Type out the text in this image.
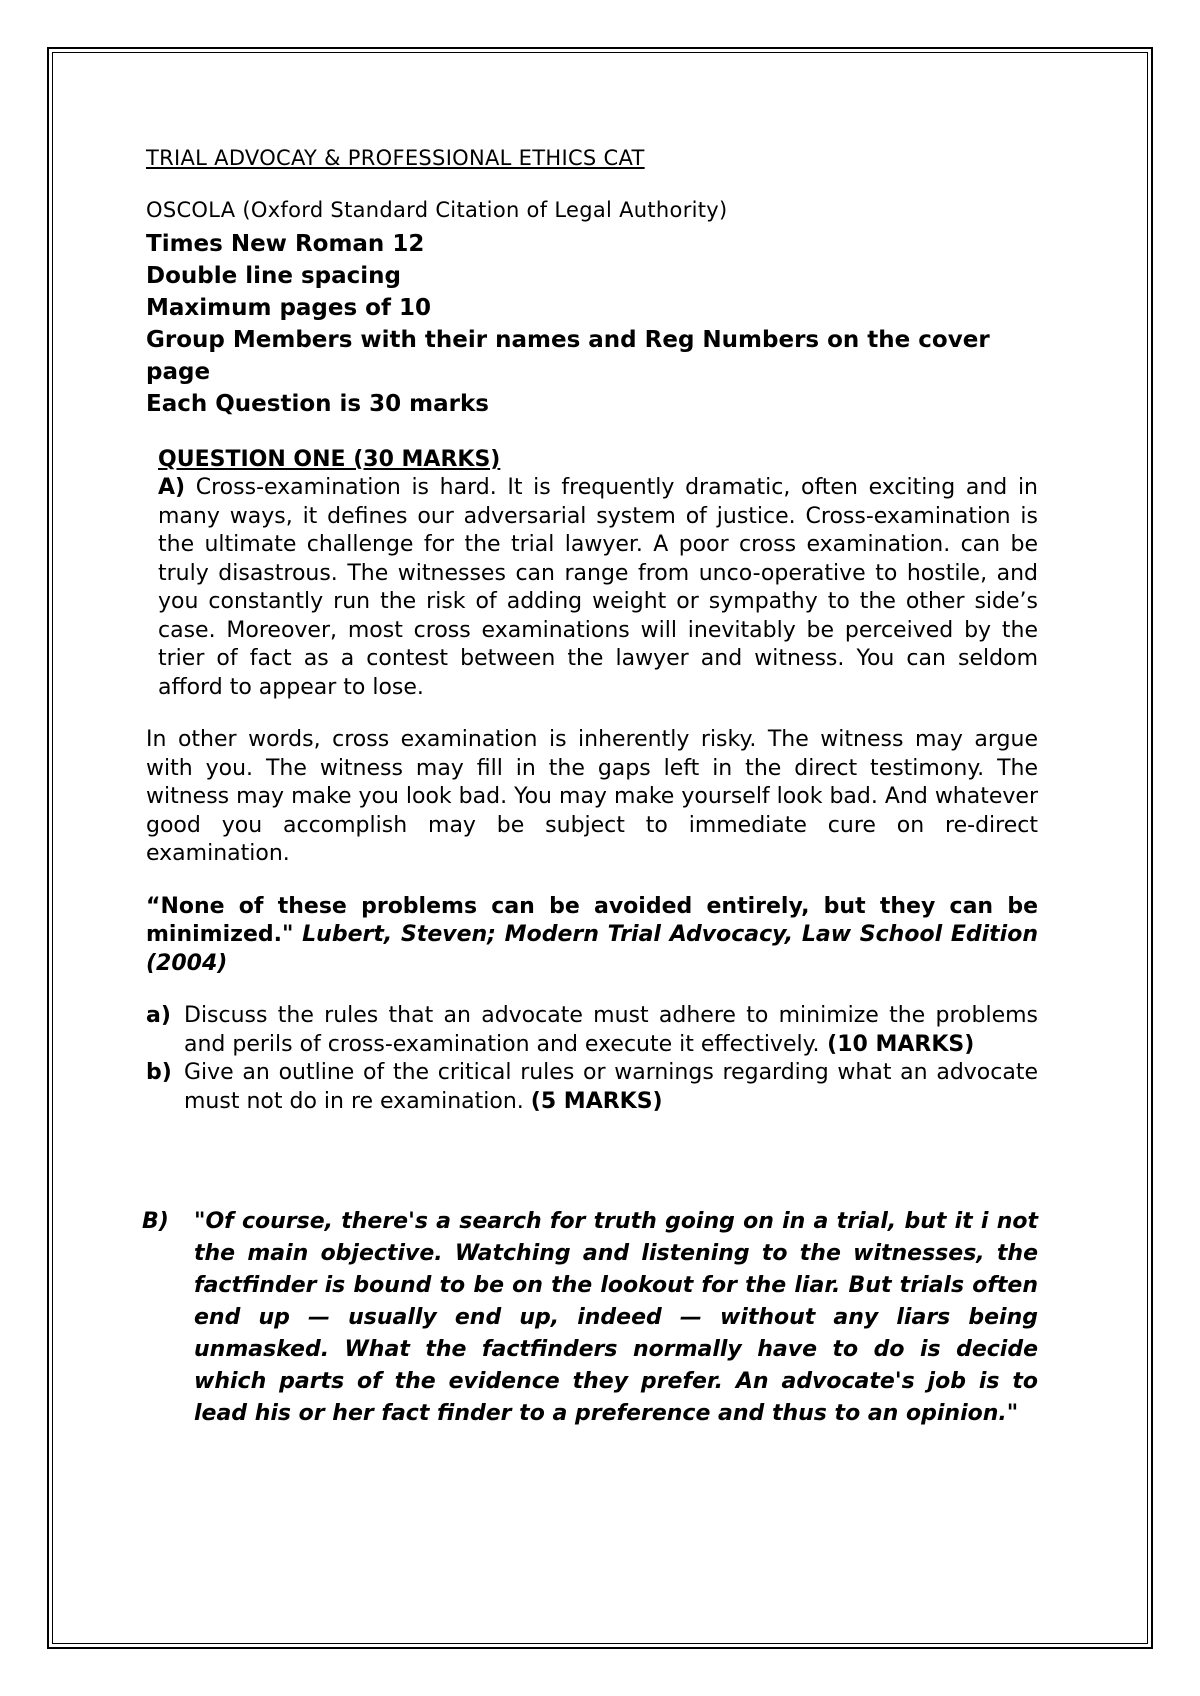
TRIAL ADVOCAY & PROFESSIONAL ETHICS CAT
OSCOLA (Oxford Standard Citation of Legal Authority)
Times New Roman 12
Double line spacing
Maximum pages of 10
Group Members with their names and Reg Numbers on the cover page
Each Question is 30 marks
QUESTION ONE (30 MARKS)

A) Cross-examination is hard. It is frequently dramatic, often exciting and in many ways, it defines our adversarial system of justice. Cross-examination is the ultimate challenge for the trial lawyer. A poor cross examination. can be truly disastrous. The witnesses can range from unco-operative to hostile, and you constantly run the risk of adding weight or sympathy to the other side’s case. Moreover, most cross examinations will inevitably be perceived by the trier of fact as a contest between the lawyer and witness. You can seldom afford to appear to lose.

In other words, cross examination is inherently risky. The witness may argue with you. The witness may fill in the gaps left in the direct testimony. The witness may make you look bad. You may make yourself look bad. And whatever good you accomplish may be subject to immediate cure on re-direct examination.

“None of these problems can be avoided entirely, but they can be minimized." Lubert, Steven; Modern Trial Advocacy, Law School Edition (2004)

a) Discuss the rules that an advocate must adhere to minimize the problems and perils of cross-examination and execute it effectively. (10 MARKS)
b) Give an outline of the critical rules or warnings regarding what an advocate must not do in re examination. (5 MARKS)
B)	"Of course, there's a search for truth going on in a trial, but it i not the main objective. Watching and listening to the witnesses, the factfinder is bound to be on the lookout for the liar. But trials often end up — usually end up, indeed — without any liars being unmasked. What the factfinders normally have to do is decide which parts of the evidence they prefer. An advocate's job is to lead his or her fact finder to a preference and thus to an opinion."
